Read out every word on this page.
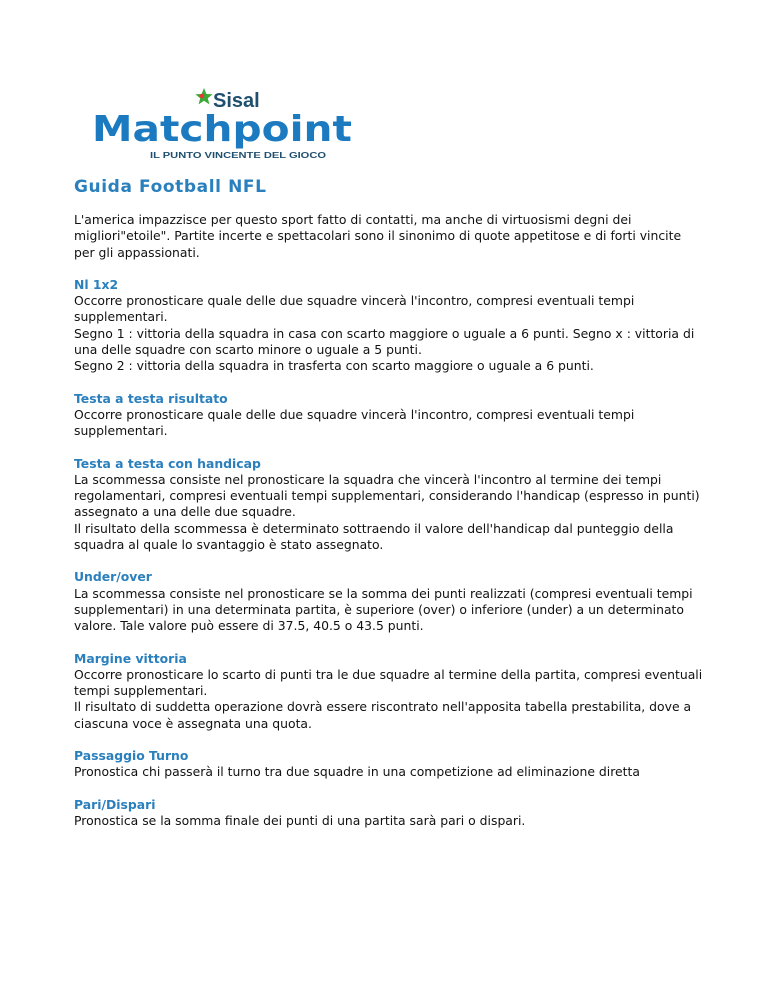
Sisal
Matchpoint
IL PUNTO VINCENTE DEL GIOCO
Guida Football NFL

L'america impazzisce per questo sport fatto di contatti, ma anche di virtuosismi degni dei migliori"etoile". Partite incerte e spettacolari sono il sinonimo di quote appetitose e di forti vincite per gli appassionati.

Nl 1x2

Occorre pronosticare quale delle due squadre vincerà l'incontro, compresi eventuali tempi supplementari.

Segno 1 : vittoria della squadra in casa con scarto maggiore o uguale a 6 punti. Segno x : vittoria di una delle squadre con scarto minore o uguale a 5 punti.

Segno 2 : vittoria della squadra in trasferta con scarto maggiore o uguale a 6 punti.

Testa a testa risultato

Occorre pronosticare quale delle due squadre vincerà l'incontro, compresi eventuali tempi supplementari.

Testa a testa con handicap

La scommessa consiste nel pronosticare la squadra che vincerà l'incontro al termine dei tempi regolamentari, compresi eventuali tempi supplementari, considerando l'handicap (espresso in punti) assegnato a una delle due squadre.

Il risultato della scommessa è determinato sottraendo il valore dell'handicap dal punteggio della squadra al quale lo svantaggio è stato assegnato.

Under/over

La scommessa consiste nel pronosticare se la somma dei punti realizzati (compresi eventuali tempi supplementari) in una determinata partita, è superiore (over) o inferiore (under) a un determinato valore. Tale valore può essere di 37.5, 40.5 o 43.5 punti.

Margine vittoria

Occorre pronosticare lo scarto di punti tra le due squadre al termine della partita, compresi eventuali tempi supplementari.

Il risultato di suddetta operazione dovrà essere riscontrato nell'apposita tabella prestabilita, dove a ciascuna voce è assegnata una quota.

Passaggio Turno

Pronostica chi passerà il turno tra due squadre in una competizione ad eliminazione diretta

Pari/Dispari

Pronostica se la somma finale dei punti di una partita sarà pari o dispari.
